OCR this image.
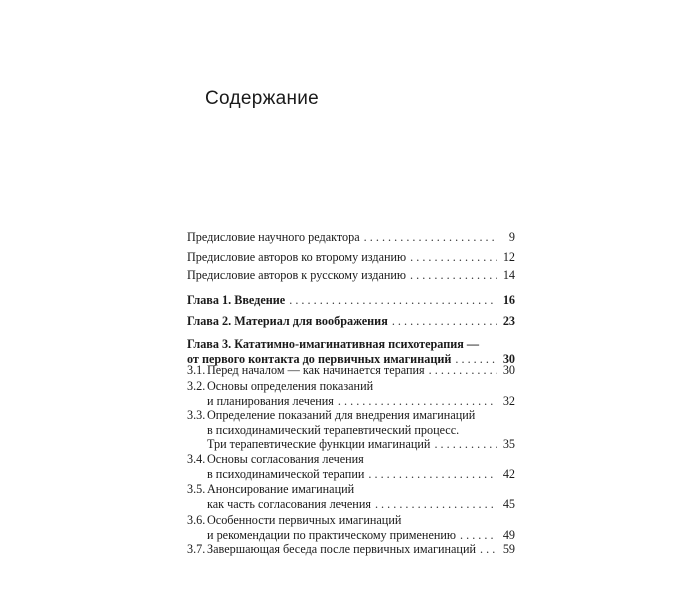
Содержание
Предисловие научного редактора . . .	9
Предисловие авторов ко второму изданию . . .	12
Предисловие авторов к русскому изданию . . .	14
Глава 1. Введение . . .	16
Глава 2. Материал для воображения . . .	23
Глава 3. Кататимно-имагинативная психотерапия —
от первого контакта до первичных имагинаций . . .	30
3.1. Перед началом — как начинается терапия . . .	30
3.2. Основы определения показаний
и планирования лечения . . .	32
3.3. Определение показаний для внедрения имагинаций
в психодинамический терапевтический процесс.
Три терапевтические функции имагинаций . . .	35
3.4. Основы согласования лечения
в психодинамической терапии . . .	42
3.5. Анонсирование имагинаций
как часть согласования лечения . . .	45
3.6. Особенности первичных имагинаций
и рекомендации по практическому применению . . .	49
3.7. Завершающая беседа после первичных имагинаций . . . 59
